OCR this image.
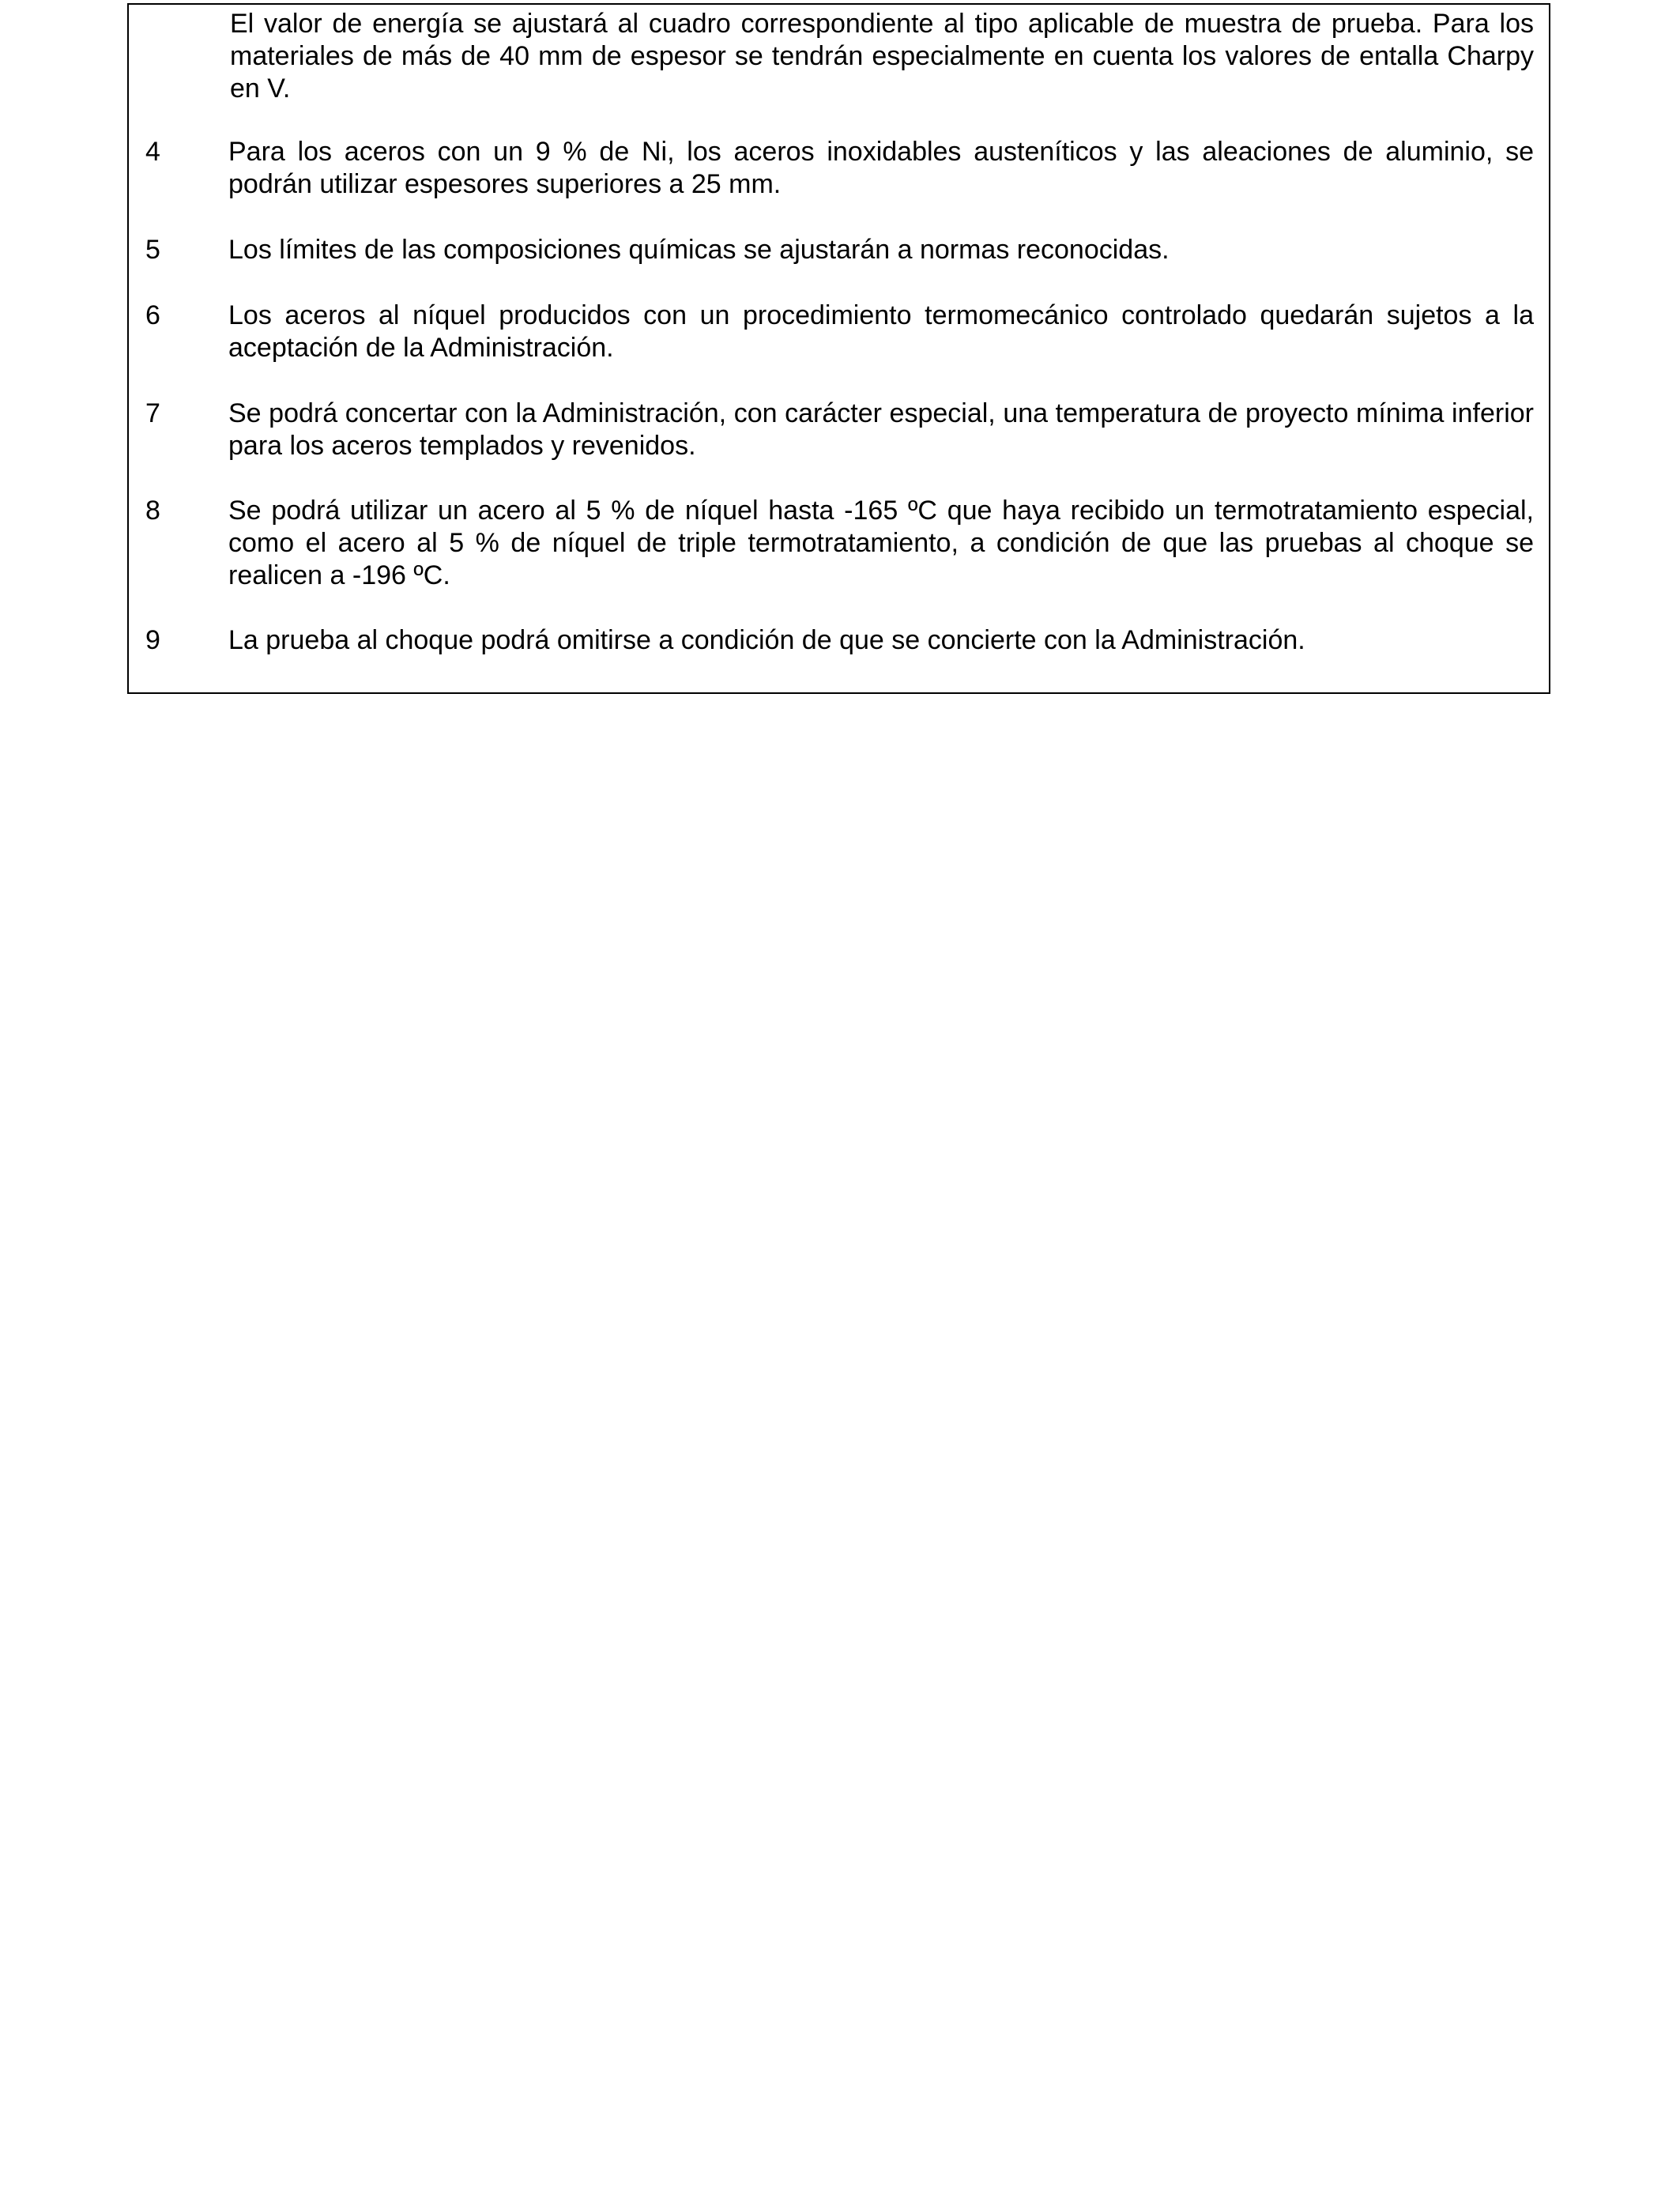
El valor de energía se ajustará al cuadro correspondiente al tipo aplicable de muestra de prueba. Para los materiales de más de 40 mm de espesor se tendrán especialmente en cuenta los valores de entalla Charpy en V.
4	Para los aceros con un 9 % de Ni, los aceros inoxidables austeníticos y las aleaciones de aluminio, se podrán utilizar espesores superiores a 25 mm.
5	Los límites de las composiciones químicas se ajustarán a normas reconocidas.
6	Los aceros al níquel producidos con un procedimiento termomecánico controlado quedarán sujetos a la aceptación de la Administración.
7	Se podrá concertar con la Administración, con carácter especial, una temperatura de proyecto mínima inferior para los aceros templados y revenidos.
8	Se podrá utilizar un acero al 5 % de níquel hasta -165 ºC que haya recibido un termotratamiento especial, como el acero al 5 % de níquel de triple termotratamiento, a condición de que las pruebas al choque se realicen a -196 ºC.
9	La prueba al choque podrá omitirse a condición de que se concierte con la Administración.
